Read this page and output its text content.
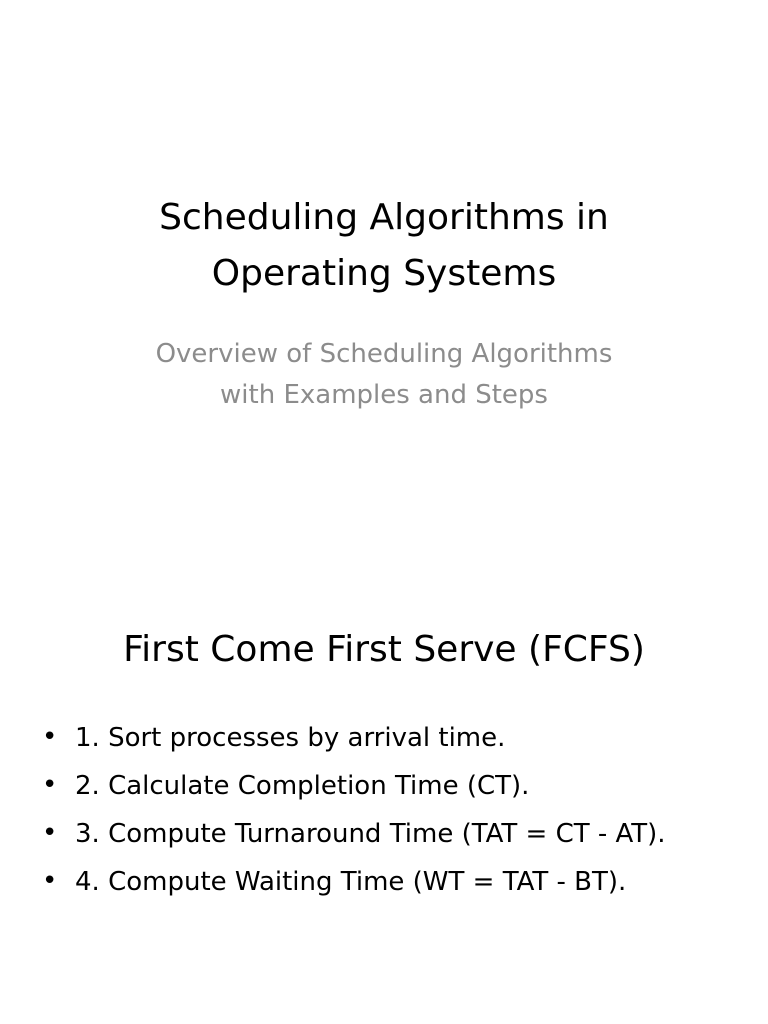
Scheduling Algorithms in
Operating Systems
Overview of Scheduling Algorithms
with Examples and Steps
First Come First Serve (FCFS)
• 1. Sort processes by arrival time.
• 2. Calculate Completion Time (CT).
• 3. Compute Turnaround Time (TAT = CT - AT).
• 4. Compute Waiting Time (WT = TAT - BT).
